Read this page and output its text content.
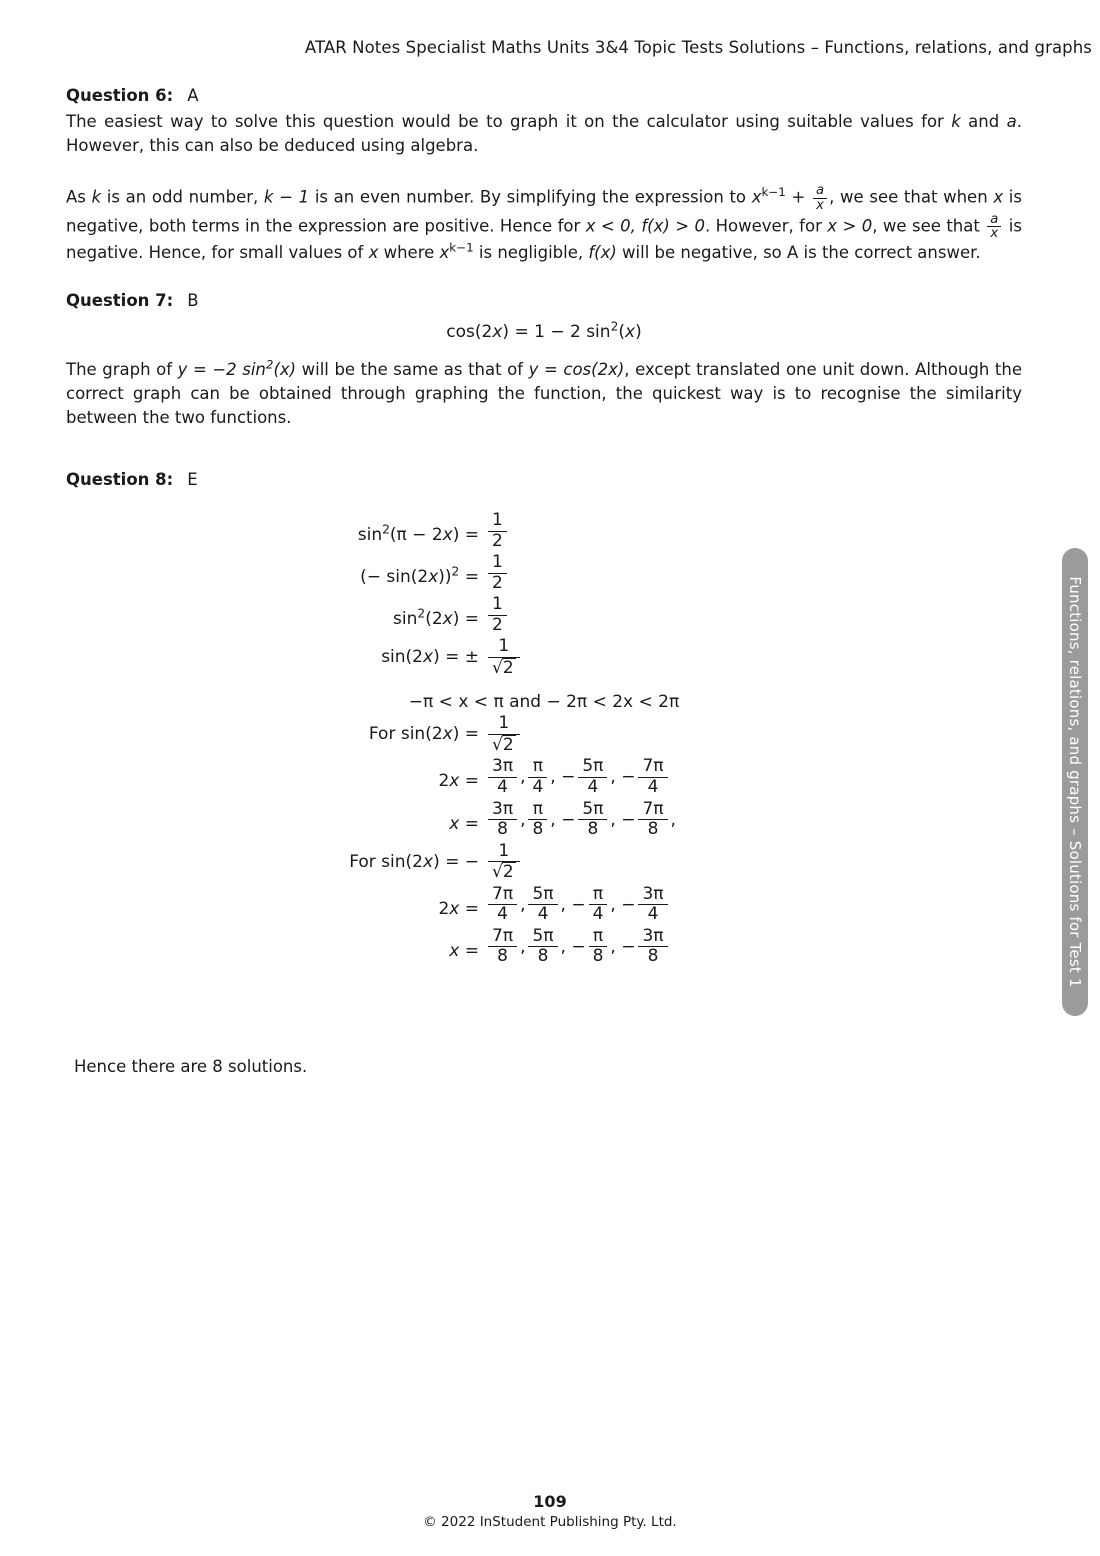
ATAR Notes Specialist Maths Units 3&4 Topic Tests Solutions – Functions, relations, and graphs
Question 6: A

The easiest way to solve this question would be to graph it on the calculator using suitable values for k and a. However, this can also be deduced using algebra.

As k is an odd number, k − 1 is an even number. By simplifying the expression to $x^{k-1} + \frac{a}{x}$ , we see that when x is negative, both terms in the expression are positive. Hence for x < 0, f(x) > 0. However, for x > 0, we see that $\frac{a}{x}$ is negative. Hence, for small values of x where $x^{k-1}$ is negligible, f(x) will be negative, so A is the correct answer.

Question 7: B
cos(2x) = 1 − 2 $\sin^2(x)$

The graph of y = −2 $\sin^2(x)$ will be the same as that of y = cos(2x), except translated one unit down. Although the correct graph can be obtained through graphing the function, the quickest way is to recognise the similarity between the two functions.

Question 8: E
$\sin^2(\pi - 2x) = \frac{1}{2}$
(− $\sin(2x))^2 = \frac{1}{2}$
$\sin^2(2x) = \frac{1}{2}$
sin(2x) = ± $\frac{1}{√2}$
−π < x < π and − 2π < 2x < 2π
For $\sin(2x) = \frac{1}{√2}$
$2x = \frac{3\pi}{4}$ , $\frac{\pi}{4}$ , − $\frac{5\pi}{4}$ , − $\frac{7\pi}{4}$
$x = \frac{3\pi}{8}$ , $\frac{\pi}{8}$ , − $\frac{5\pi}{8}$ , − $\frac{7\pi}{8}$ ,
For sin(2x) = − $\frac{1}{√2}$
$2x = \frac{7\pi}{4}$ , $\frac{5\pi}{4}$ , − $\frac{\pi}{4}$ , − $\frac{3\pi}{4}$
$x = \frac{7\pi}{8}$ , $\frac{5\pi}{8}$ , − $\frac{\pi}{8}$ , − $\frac{3\pi}{8}$
Hence there are 8 solutions.
Functions, relations, and graphs – Solutions for Test 1
109
© 2022 InStudent Publishing Pty. Ltd.
